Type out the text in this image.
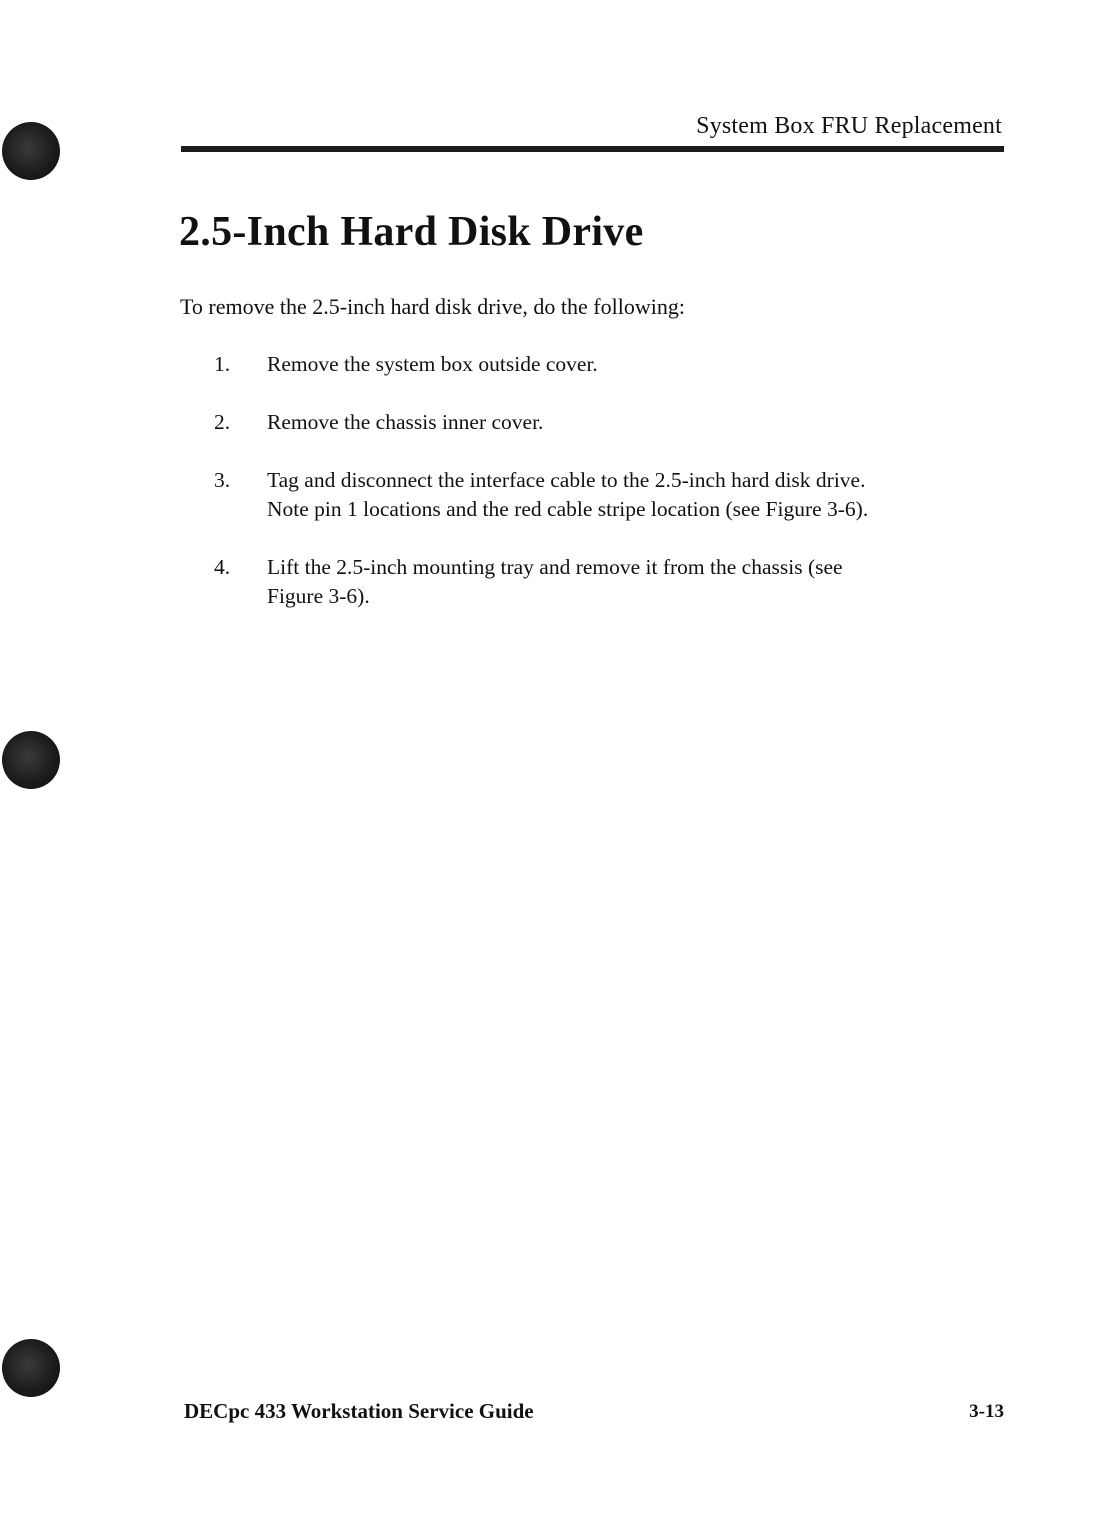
System Box FRU Replacement
2.5-Inch Hard Disk Drive

To remove the 2.5-inch hard disk drive, do the following:

1. Remove the system box outside cover.
2. Remove the chassis inner cover.
3. Tag and disconnect the interface cable to the 2.5-inch hard disk drive. Note pin 1 locations and the red cable stripe location (see Figure 3-6).
4. Lift the 2.5-inch mounting tray and remove it from the chassis (see Figure 3-6).
DECpc 433 Workstation Service Guide	3-13
